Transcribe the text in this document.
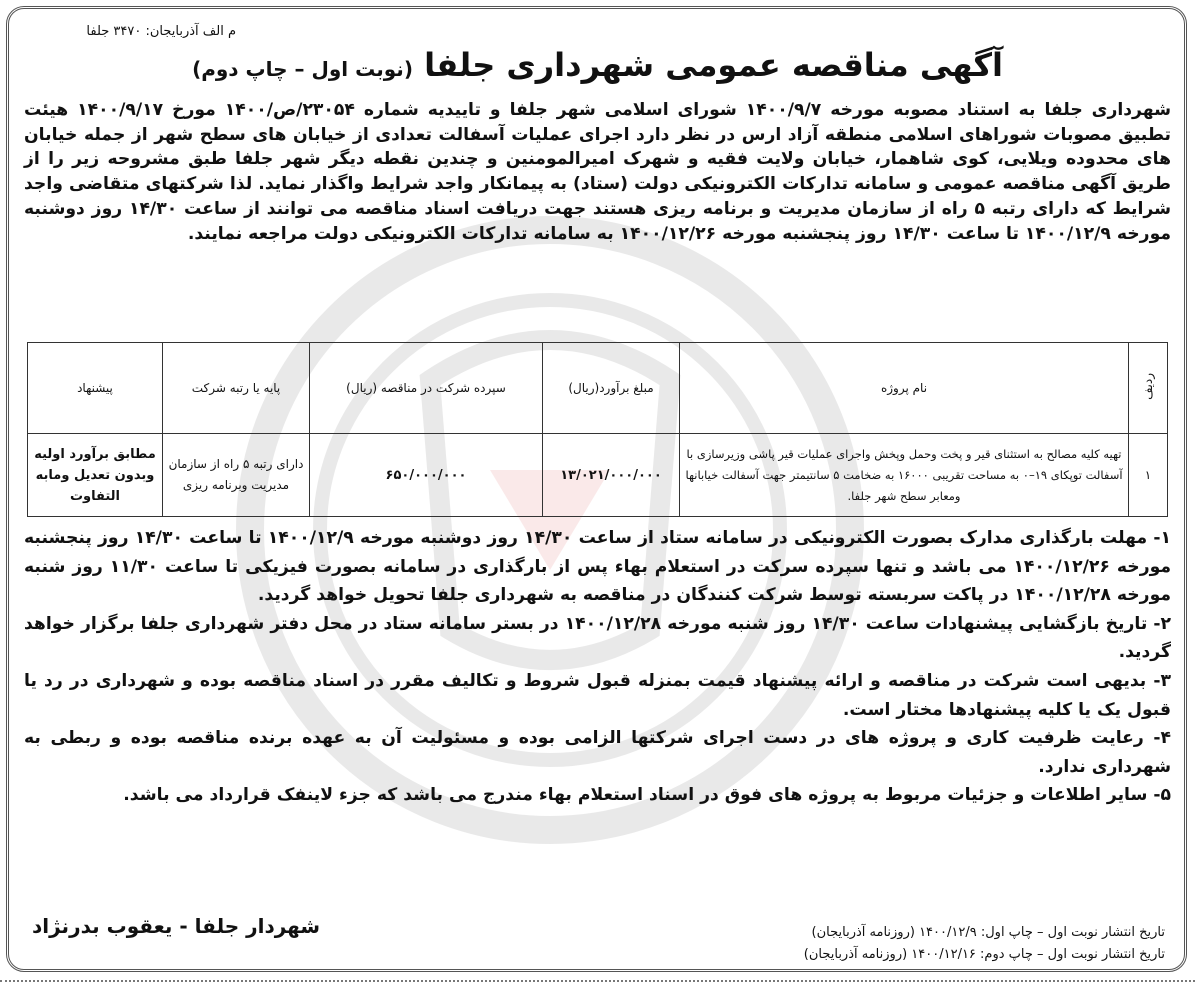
م الف آذربایجان: ۳۴۷۰ جلفا
آگهی مناقصه عمومی شهرداری جلفا (نوبت اول – چاپ دوم)
شهرداری جلفا به استناد مصوبه مورخه ۱۴۰۰/۹/۷ شورای اسلامی شهر جلفا و تاییدیه شماره ۲۳۰۵۴/ص/۱۴۰۰ مورخ ۱۴۰۰/۹/۱۷ هیئت تطبیق مصوبات شوراهای اسلامی منطقه آزاد ارس در نظر دارد اجرای عملیات آسفالت تعدادی از خیابان های سطح شهر از جمله خیابان های محدوده ویلایی، کوی شاهمار، خیابان ولایت فقیه و شهرک امیرالمومنین و چندین نقطه دیگر شهر جلفا طبق مشروحه زیر را از طریق آگهی مناقصه عمومی و سامانه تدارکات الکترونیکی دولت (ستاد) به پیمانکار واجد شرایط واگذار نماید. لذا شرکتهای متقاضی واجد شرایط که دارای رتبه ۵ راه از سازمان مدیریت و برنامه ریزی هستند جهت دریافت اسناد مناقصه می توانند از ساعت ۱۴/۳۰ روز دوشنبه مورخه ۱۴۰۰/۱۲/۹ تا ساعت ۱۴/۳۰ روز پنجشنبه مورخه ۱۴۰۰/۱۲/۲۶ به سامانه تدارکات الکترونیکی دولت مراجعه نمایند.
ردیف	نام پروژه	مبلغ برآورد(ریال)	سپرده شرکت در مناقصه (ریال)	پایه یا رتبه شرکت	پیشنهاد
۱	تهیه کلیه مصالح به استثنای قیر و پخت وحمل وپخش واجرای عملیات قیر پاشی وزیرسازی با آسفالت توپکای ۱۹–۰ به مساحت تقریبی ۱۶۰۰۰ به ضخامت ۵ سانتیمتر جهت آسفالت خیابانها ومعابر سطح شهر جلفا.	۱۳/۰۲۱/۰۰۰/۰۰۰	۶۵۰/۰۰۰/۰۰۰	دارای رتبه ۵ راه از سازمان مدیریت وبرنامه ریزی	مطابق برآورد اولیه وبدون تعدیل ومابه التفاوت

۱- مهلت بارگذاری مدارک بصورت الکترونیکی در سامانه ستاد از ساعت ۱۴/۳۰ روز دوشنبه مورخه ۱۴۰۰/۱۲/۹ تا ساعت ۱۴/۳۰ روز پنجشنبه مورخه ۱۴۰۰/۱۲/۲۶ می باشد و تنها سپرده سرکت در استعلام بهاء پس از بارگذاری در سامانه بصورت فیزیکی تا ساعت ۱۱/۳۰ روز شنبه مورخه ۱۴۰۰/۱۲/۲۸ در پاکت سربسته توسط شرکت کنندگان در مناقصه به شهرداری جلفا تحویل خواهد گردید.

۲- تاریخ بازگشایی پیشنهادات ساعت ۱۴/۳۰ روز شنبه مورخه ۱۴۰۰/۱۲/۲۸ در بستر سامانه ستاد در محل دفتر شهرداری جلفا برگزار خواهد گردید.

۳- بدیهی است شرکت در مناقصه و ارائه پیشنهاد قیمت بمنزله قبول شروط و تکالیف مقرر در اسناد مناقصه بوده و شهرداری در رد یا قبول یک یا کلیه پیشنهادها مختار است.

۴- رعایت ظرفیت کاری و پروژه های در دست اجرای شرکتها الزامی بوده و مسئولیت آن به عهده برنده مناقصه بوده و ربطی به شهرداری ندارد.

۵- سایر اطلاعات و جزئیات مربوط به پروژه های فوق در اسناد استعلام بهاء مندرج می باشد که جزء لاینفک قرارداد می باشد.

شهردار جلفا - یعقوب بدرنژاد	تاریخ انتشار نوبت اول – چاپ اول: ۱۴۰۰/۱۲/۹ (روزنامه آذربایجان)
تاریخ انتشار نوبت اول – چاپ دوم: ۱۴۰۰/۱۲/۱۶ (روزنامه آذربایجان)
